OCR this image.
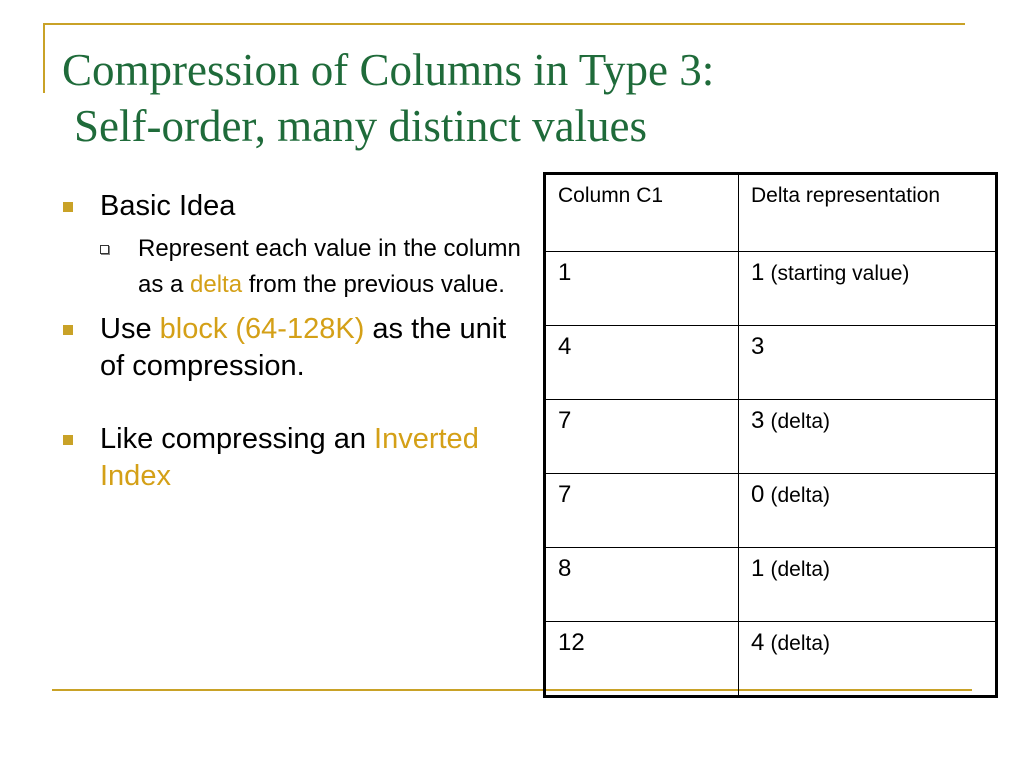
Compression of Columns in Type 3:
Self-order, many distinct values
Basic Idea
Represent each value in the column as a delta from the previous value.
Use block (64-128K) as the unit of compression.
Like compressing an Inverted Index
Column C1	Delta representation
1	1 (starting value)
4	3
7	3 (delta)
7	0 (delta)
8	1 (delta)
12	4 (delta)
